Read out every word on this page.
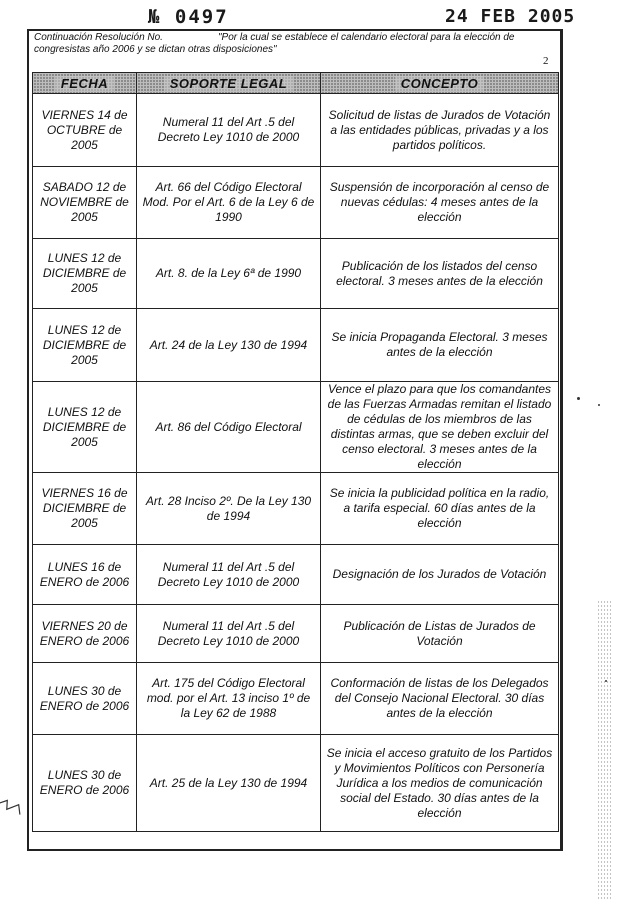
№ 0497	24 FEB 2005
Continuación Resolución No.	"Por la cual se establece el calendario electoral para la elección de congresistas año 2006 y se dictan otras disposiciones"
2
FECHA	SOPORTE LEGAL	CONCEPTO
VIERNES 14 de OCTUBRE de 2005	Numeral 11 del Art .5 del Decreto Ley 1010 de 2000	Solicitud de listas de Jurados de Votación a las entidades públicas, privadas y a los partidos políticos.
SABADO 12 de NOVIEMBRE de 2005	Art. 66 del Código Electoral Mod. Por el Art. 6 de la Ley 6 de 1990	Suspensión de incorporación al censo de nuevas cédulas: 4 meses antes de la elección
LUNES 12 de DICIEMBRE de 2005	Art. 8. de la Ley 6ª de 1990	Publicación de los listados del censo electoral. 3 meses antes de la elección
LUNES 12 de DICIEMBRE de 2005	Art. 24 de la Ley 130 de 1994	Se inicia Propaganda Electoral. 3 meses antes de la elección
LUNES 12 de DICIEMBRE de 2005	Art. 86 del Código Electoral	Vence el plazo para que los comandantes de las Fuerzas Armadas remitan el listado de cédulas de los miembros de las distintas armas, que se deben excluir del censo electoral. 3 meses antes de la elección
VIERNES 16 de DICIEMBRE de 2005	Art. 28 Inciso 2º. De la Ley 130 de 1994	Se inicia la publicidad política en la radio, a tarifa especial. 60 días antes de la elección
LUNES 16 de ENERO de 2006	Numeral 11 del Art .5 del Decreto Ley 1010 de 2000	Designación de los Jurados de Votación
VIERNES 20 de ENERO de 2006	Numeral 11 del Art .5 del Decreto Ley 1010 de 2000	Publicación de Listas de Jurados de Votación
LUNES 30 de ENERO de 2006	Art. 175 del Código Electoral mod. por el Art. 13 inciso 1º de la Ley 62 de 1988	Conformación de listas de los Delegados del Consejo Nacional Electoral. 30 días antes de la elección
LUNES 30 de ENERO de 2006	Art. 25 de la Ley 130 de 1994	Se inicia el acceso gratuito de los Partidos y Movimientos Políticos con Personería Jurídica a los medios de comunicación social del Estado. 30 días antes de la elección
